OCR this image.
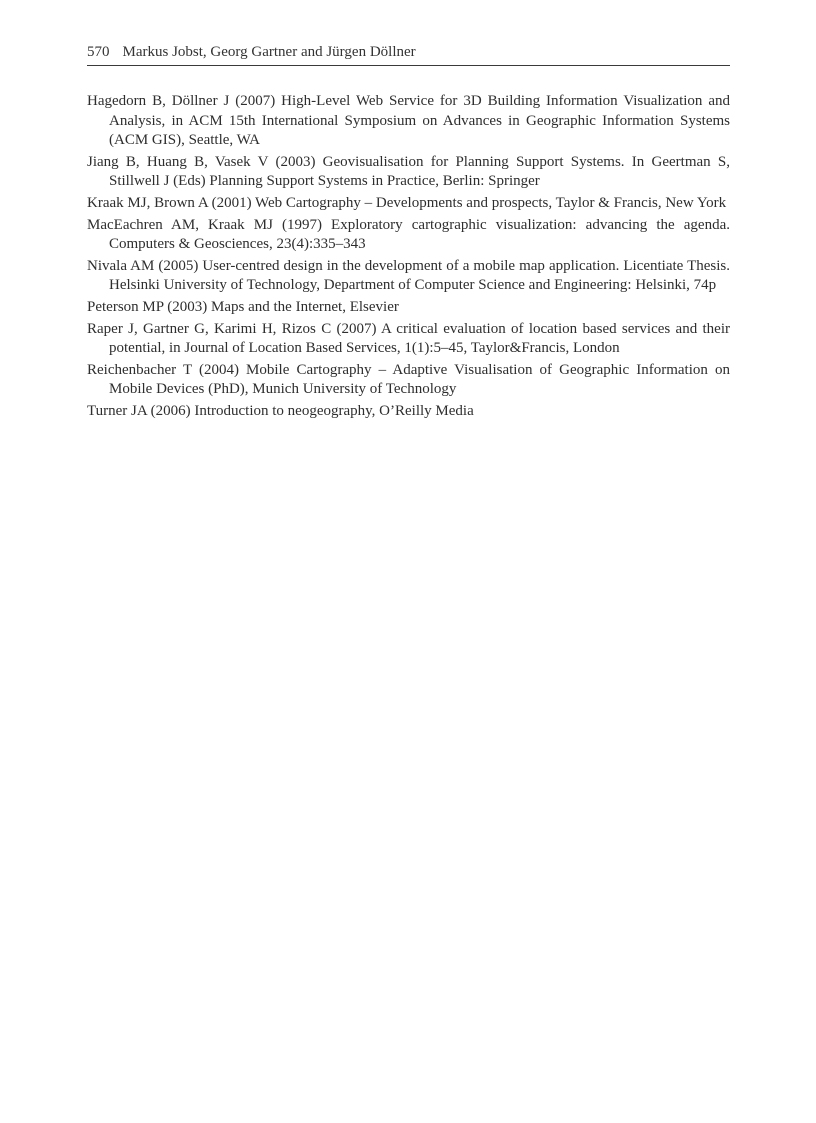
570 Markus Jobst, Georg Gartner and Jürgen Döllner
Hagedorn B, Döllner J (2007) High-Level Web Service for 3D Building Information Visualization and Analysis, in ACM 15th International Symposium on Advances in Geographic Information Systems (ACM GIS), Seattle, WA
Jiang B, Huang B, Vasek V (2003) Geovisualisation for Planning Support Systems. In Geertman S, Stillwell J (Eds) Planning Support Systems in Practice, Berlin: Springer
Kraak MJ, Brown A (2001) Web Cartography – Developments and prospects, Taylor & Francis, New York
MacEachren AM, Kraak MJ (1997) Exploratory cartographic visualization: advancing the agenda. Computers & Geosciences, 23(4):335–343
Nivala AM (2005) User-centred design in the development of a mobile map application. Licentiate Thesis. Helsinki University of Technology, Department of Computer Science and Engineering: Helsinki, 74p
Peterson MP (2003) Maps and the Internet, Elsevier
Raper J, Gartner G, Karimi H, Rizos C (2007) A critical evaluation of location based services and their potential, in Journal of Location Based Services, 1(1):5–45, Taylor&Francis, London
Reichenbacher T (2004) Mobile Cartography – Adaptive Visualisation of Geographic Information on Mobile Devices (PhD), Munich University of Technology
Turner JA (2006) Introduction to neogeography, O’Reilly Media
